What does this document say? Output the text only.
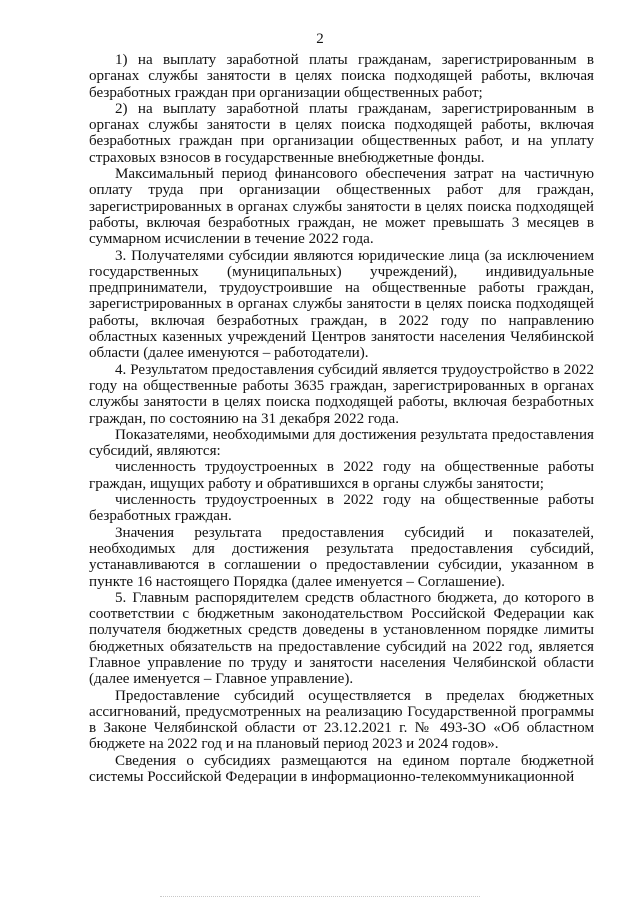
2

1) на выплату заработной платы гражданам, зарегистрированным в органах службы занятости в целях поиска подходящей работы, включая безработных граждан при организации общественных работ;

2) на выплату заработной платы гражданам, зарегистрированным в органах службы занятости в целях поиска подходящей работы, включая безработных граждан при организации общественных работ, и на уплату страховых взносов в государственные внебюджетные фонды.

Максимальный период финансового обеспечения затрат на частичную оплату труда при организации общественных работ для граждан, зарегистрированных в органах службы занятости в целях поиска подходящей работы, включая безработных граждан, не может превышать 3 месяцев в суммарном исчислении в течение 2022 года.

3. Получателями субсидии являются юридические лица (за исключением государственных (муниципальных) учреждений), индивидуальные предприниматели, трудоустроившие на общественные работы граждан, зарегистрированных в органах службы занятости в целях поиска подходящей работы, включая безработных граждан, в 2022 году по направлению областных казенных учреждений Центров занятости населения Челябинской области (далее именуются – работодатели).

4. Результатом предоставления субсидий является трудоустройство в 2022 году на общественные работы 3635 граждан, зарегистрированных в органах службы занятости в целях поиска подходящей работы, включая безработных граждан, по состоянию на 31 декабря 2022 года.

Показателями, необходимыми для достижения результата предоставления субсидий, являются:

численность трудоустроенных в 2022 году на общественные работы граждан, ищущих работу и обратившихся в органы службы занятости;

численность трудоустроенных в 2022 году на общественные работы безработных граждан.

Значения результата предоставления субсидий и показателей, необходимых для достижения результата предоставления субсидий, устанавливаются в соглашении о предоставлении субсидии, указанном в пункте 16 настоящего Порядка (далее именуется – Соглашение).

5. Главным распорядителем средств областного бюджета, до которого в соответствии с бюджетным законодательством Российской Федерации как получателя бюджетных средств доведены в установленном порядке лимиты бюджетных обязательств на предоставление субсидий на 2022 год, является Главное управление по труду и занятости населения Челябинской области (далее именуется – Главное управление).

Предоставление субсидий осуществляется в пределах бюджетных ассигнований, предусмотренных на реализацию Государственной программы в Законе Челябинской области от 23.12.2021 г. № 493-ЗО «Об областном бюджете на 2022 год и на плановый период 2023 и 2024 годов».

Сведения о субсидиях размещаются на едином портале бюджетной системы Российской Федерации в информационно-телекоммуникационной
